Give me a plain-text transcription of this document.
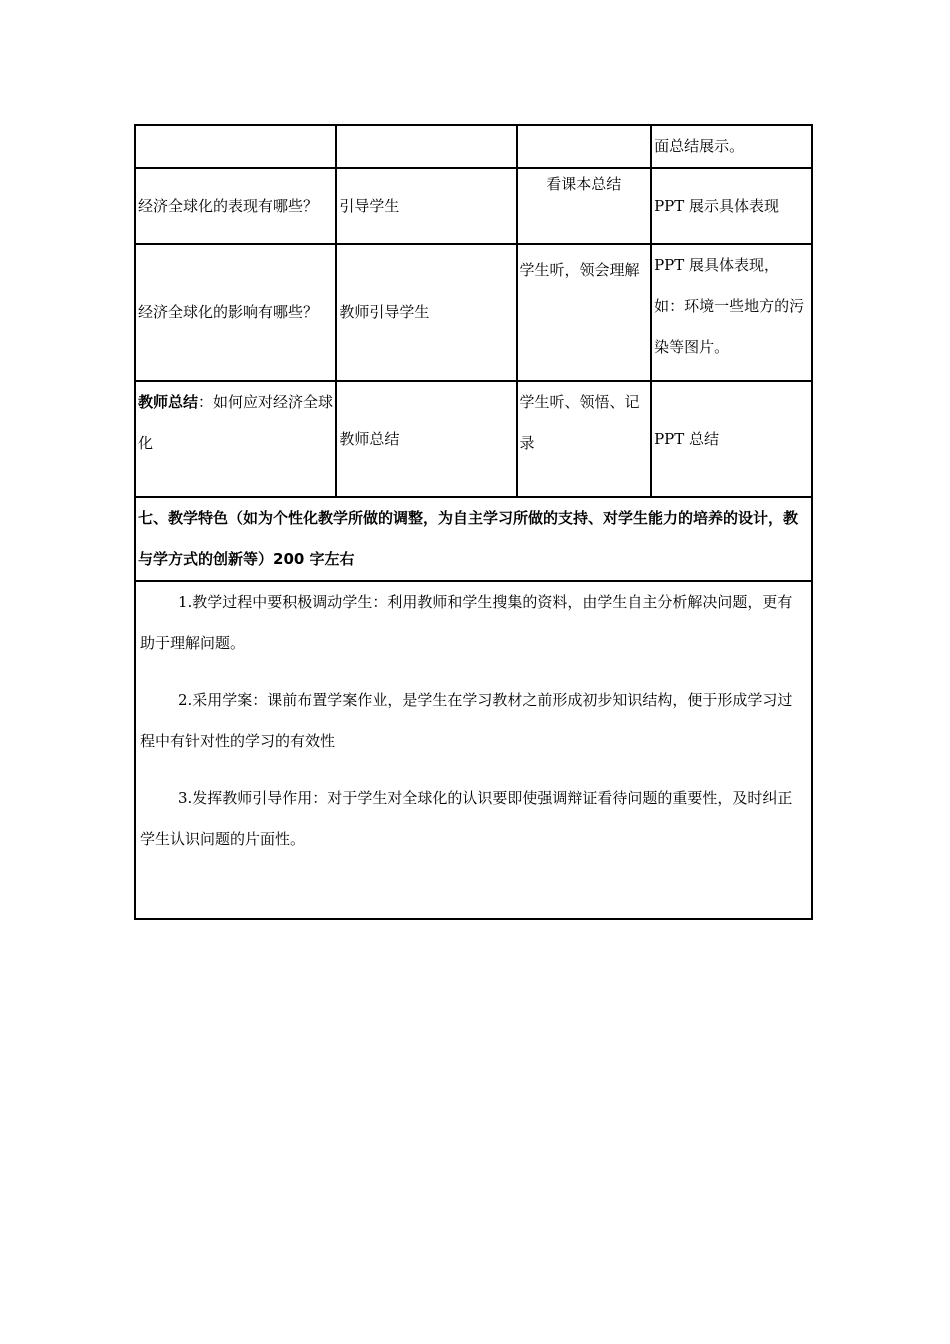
			面总结展示。
经济全球化的表现有哪些？	引导学生	看课本总结	PPT 展示具体表现
经济全球化的影响有哪些？	教师引导学生	学生听，领会理解	PPT 展具体表现，如：环境一些地方的污染等图片。
教师总结：如何应对经济全球化	教师总结	学生听、领悟、记录	PPT 总结
七、教学特色（如为个性化教学所做的调整，为自主学习所做的支持、对学生能力的培养的设计，教与学方式的创新等）200 字左右			

1.教学过程中要积极调动学生：利用教师和学生搜集的资料，由学生自主分析解决问题，更有助于理解问题。

2.采用学案：课前布置学案作业，是学生在学习教材之前形成初步知识结构，便于形成学习过程中有针对性的学习的有效性

3.发挥教师引导作用：对于学生对全球化的认识要即使强调辩证看待问题的重要性，及时纠正学生认识问题的片面性。			
